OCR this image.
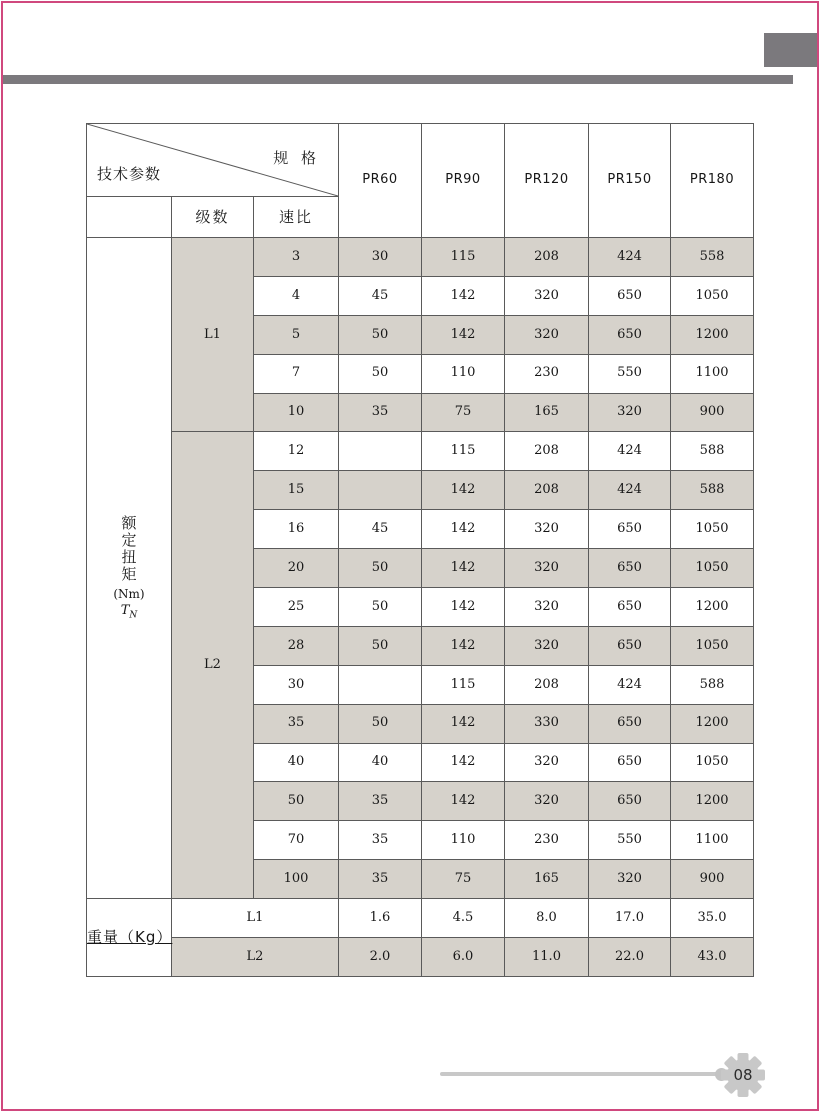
规 格
技术参数			PR60	PR90	PR120	PR150	PR180
	级数	速比					

额
定
扭
矩
(Nm)
$T_N$
	L1	3	30	115	208	424	558
		4	45	142	320	650	1050
		5	50	142	320	650	1200
		7	50	110	230	550	1100
		10	35	75	165	320	900
	L2	12		115	208	424	588
		15		142	208	424	588
		16	45	142	320	650	1050
		20	50	142	320	650	1050
		25	50	142	320	650	1200
		28	50	142	320	650	1050
		30		115	208	424	588
		35	50	142	330	650	1200
		40	40	142	320	650	1050
		50	35	142	320	650	1200
		70	35	110	230	550	1100
		100	35	75	165	320	900
重量（Kg）	L1		1.6	4.5	8.0	17.0	35.0
	L2		2.0	6.0	11.0	22.0	43.0
08
